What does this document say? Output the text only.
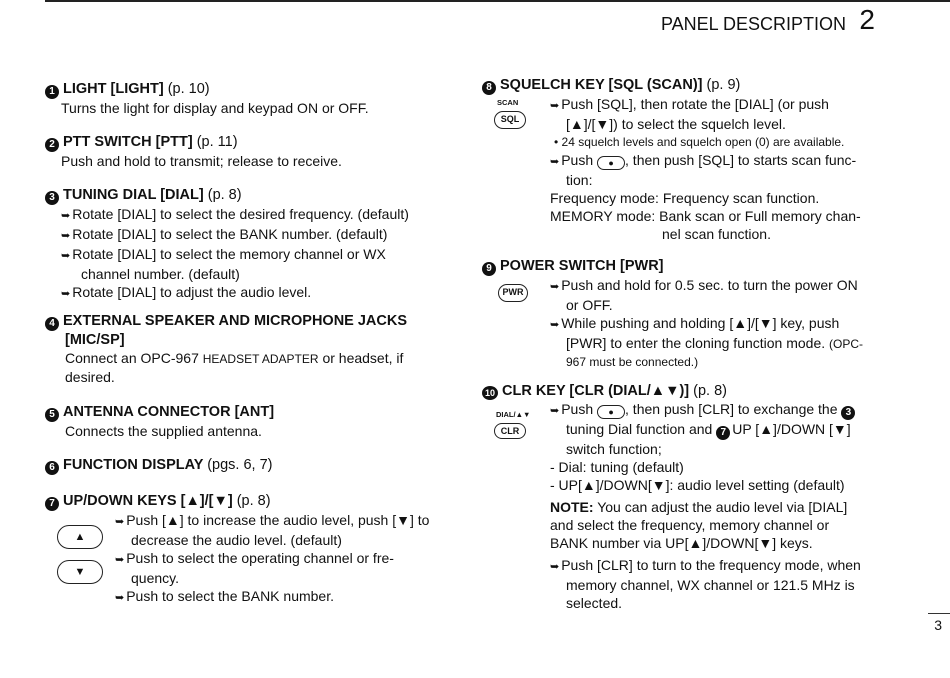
PANEL DESCRIPTION 2
1 LIGHT [LIGHT] (p. 10)
Turns the light for display and keypad ON or OFF.
2 PTT SWITCH [PTT] (p. 11)
Push and hold to transmit; release to receive.
3 TUNING DIAL [DIAL] (p. 8)
➥ Rotate [DIAL] to select the desired frequency. (default)
➥ Rotate [DIAL] to select the BANK number. (default)
➥ Rotate [DIAL] to select the memory channel or WX
channel number. (default)
➥ Rotate [DIAL] to adjust the audio level.
4 EXTERNAL SPEAKER AND MICROPHONE JACKS
[MIC/SP]
Connect an OPC-967 HEADSET ADAPTER or headset, if
desired.
5 ANTENNA CONNECTOR [ANT]
Connects the supplied antenna.
6 FUNCTION DISPLAY (pgs. 6, 7)
7 UP/DOWN KEYS [▲]/[▼] (p. 8)
➥ Push [▲] to increase the audio level, push [▼] to
decrease the audio level. (default)
➥ Push to select the operating channel or fre-
quency.
➥ Push to select the BANK number.
▲
▼
8 SQUELCH KEY [SQL (SCAN)] (p. 9)
➥ Push [SQL], then rotate the [DIAL] (or push
[▲]/[▼]) to select the squelch level.
• 24 squelch levels and squelch open (0) are available.
➥ Push ● , then push [SQL] to starts scan func-
tion:
Frequency mode: Frequency scan function.
MEMORY mode: Bank scan or Full memory chan-
nel scan function.
SCAN
SQL
9 POWER SWITCH [PWR]
➥ Push and hold for 0.5 sec. to turn the power ON
or OFF.
➥ While pushing and holding [▲]/[▼] key, push
[PWR] to enter the cloning function mode. (OPC-
967 must be connected.)
PWR
10 CLR KEY [CLR (DIAL/▲▼)] (p. 8)
➥ Push ● , then push [CLR] to exchange the 3
tuning Dial function and 7 UP [▲]/DOWN [▼]
switch function;
- Dial: tuning (default)
- UP[▲]/DOWN[▼]: audio level setting (default)
NOTE: You can adjust the audio level via [DIAL]
and select the frequency, memory channel or
BANK number via UP[▲]/DOWN[▼] keys.
➥ Push [CLR] to turn to the frequency mode, when
memory channel, WX channel or 121.5 MHz is
selected.
DIAL/▲▼
CLR
3
